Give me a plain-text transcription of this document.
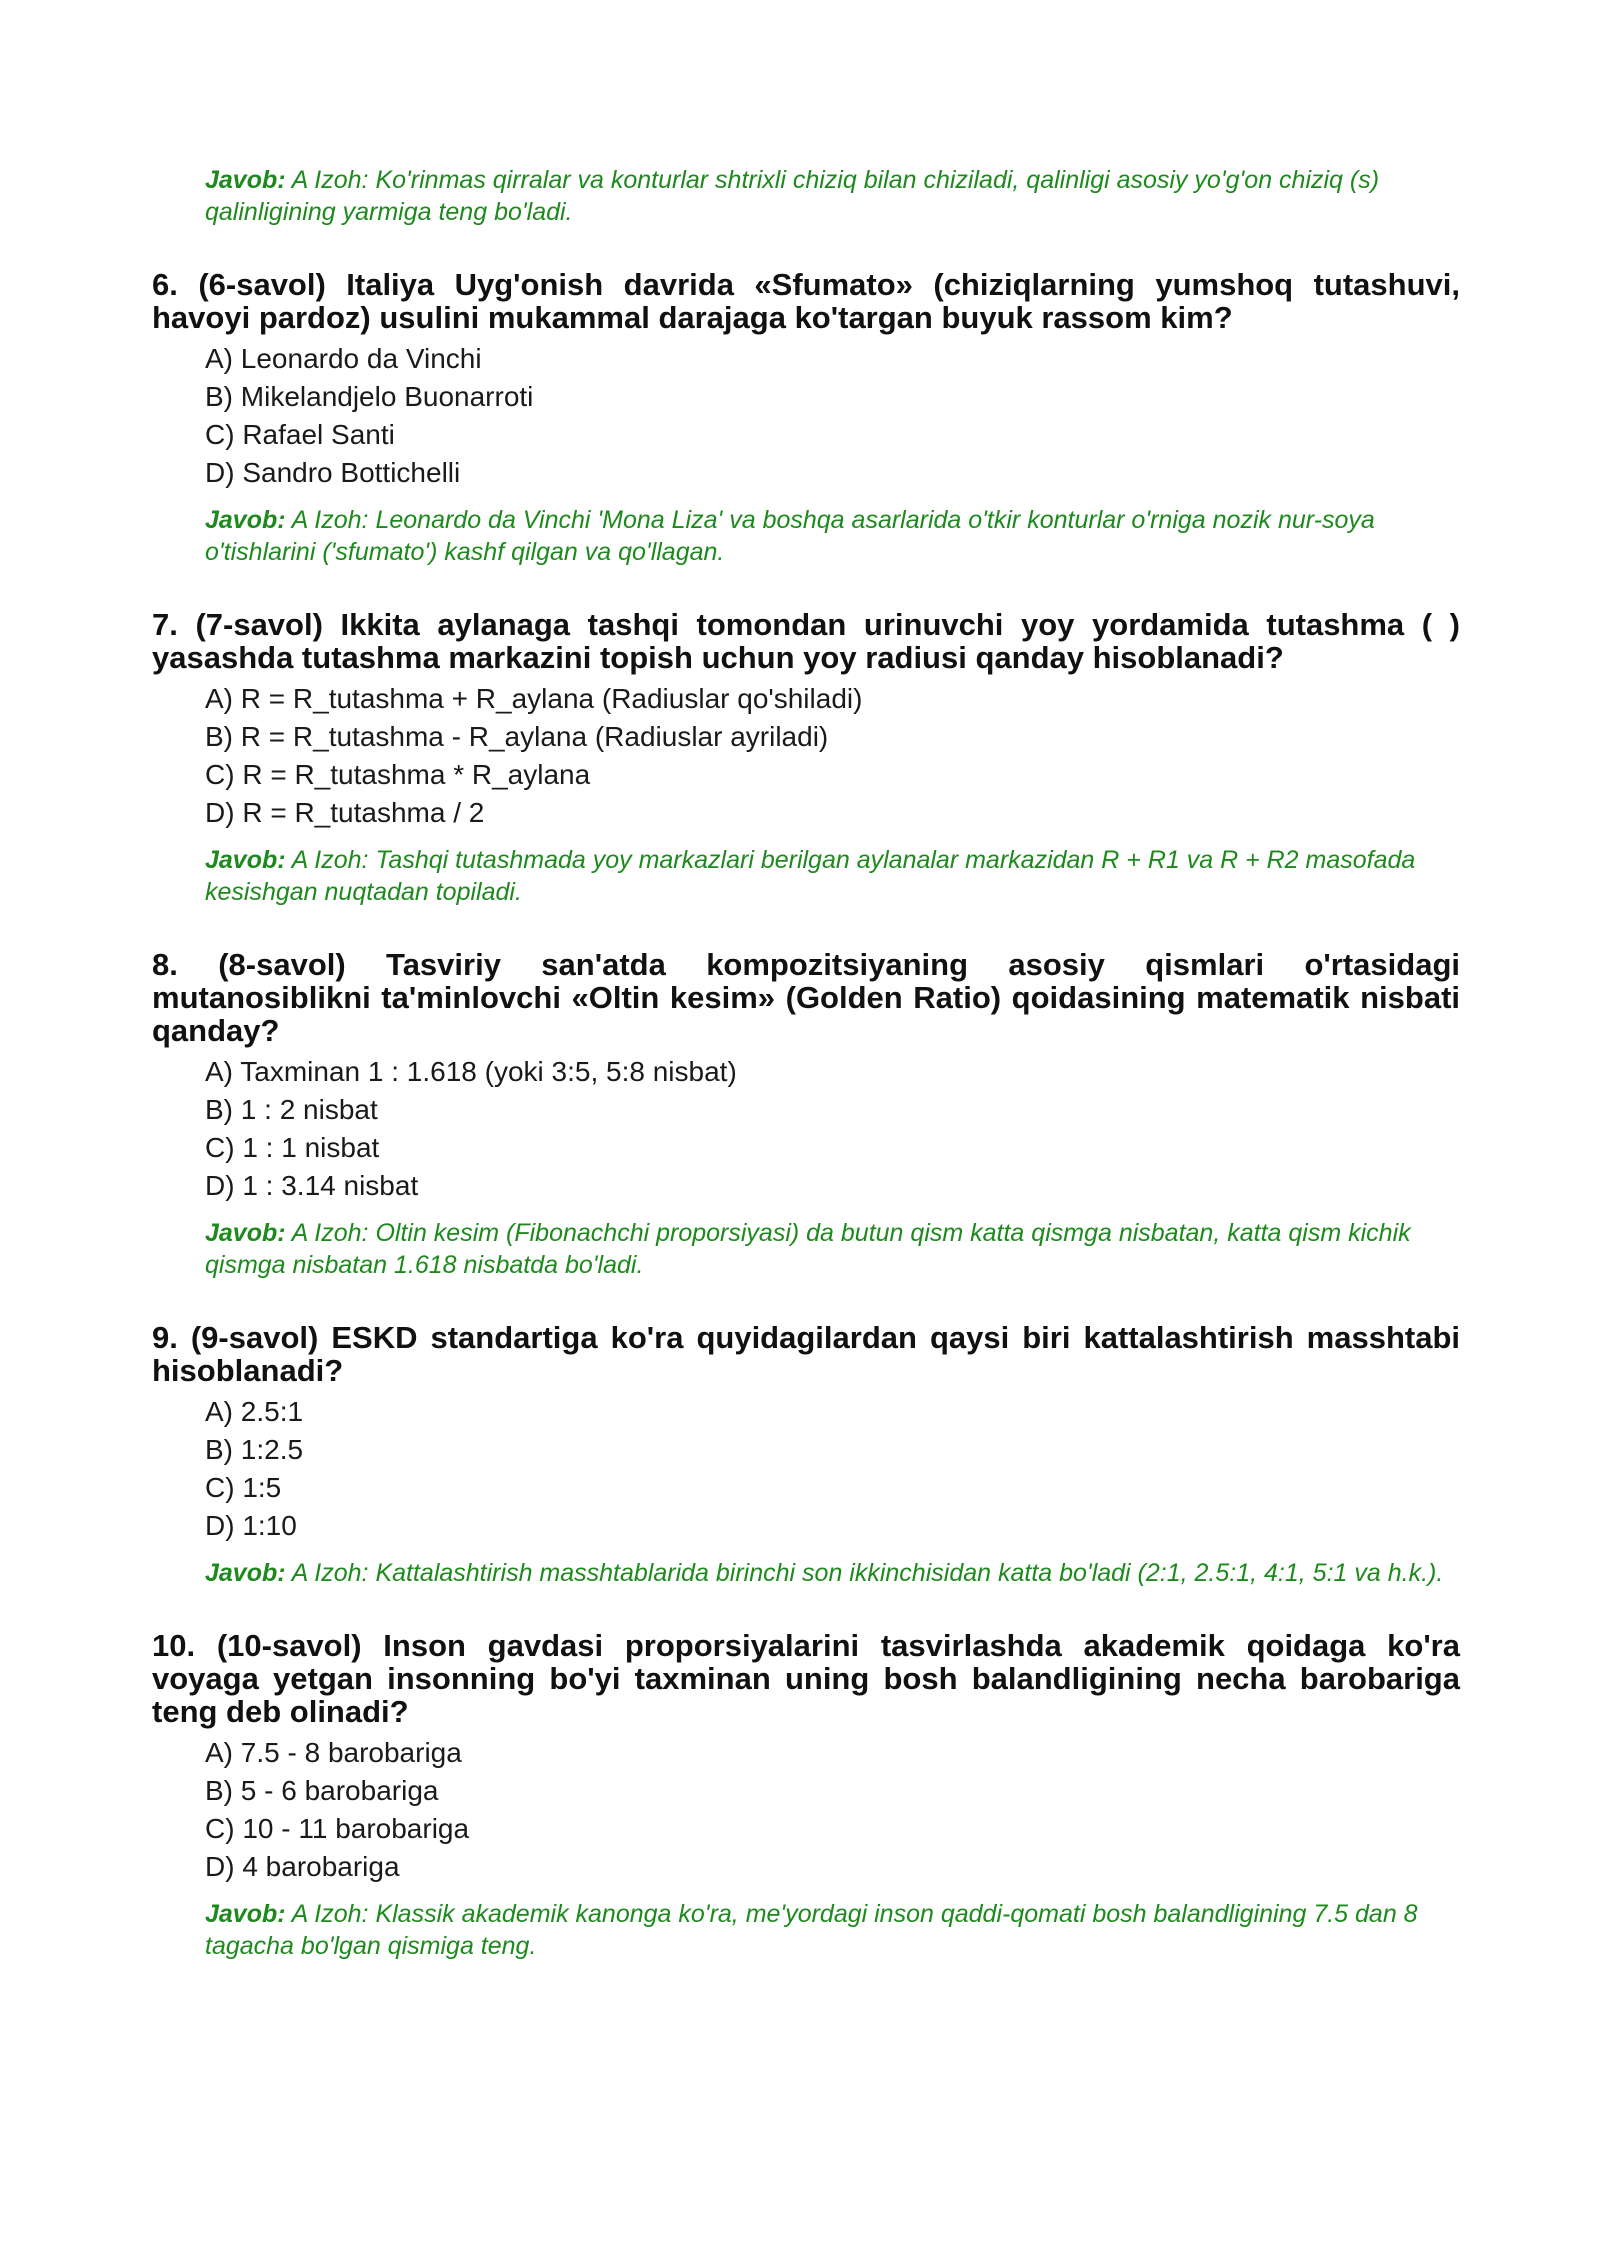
Javob: A Izoh: Ko'rinmas qirralar va konturlar shtrixli chiziq bilan chiziladi, qalinligi asosiy yo'g'on chiziq (s) qalinligining yarmiga teng bo'ladi.
6. (6-savol) Italiya Uyg'onish davrida «Sfumato» (chiziqlarning yumshoq tutashuvi, havoyi pardoz) usulini mukammal darajaga ko'targan buyuk rassom kim?
A) Leonardo da Vinchi
B) Mikelandjelo Buonarroti
C) Rafael Santi
D) Sandro Bottichelli
Javob: A Izoh: Leonardo da Vinchi 'Mona Liza' va boshqa asarlarida o'tkir konturlar o'rniga nozik nur-soya o'tishlarini ('sfumato') kashf qilgan va qo'llagan.
7. (7-savol) Ikkita aylanaga tashqi tomondan urinuvchi yoy yordamida tutashma ( ) yasashda tutashma markazini topish uchun yoy radiusi qanday hisoblanadi?
A) R = R_tutashma + R_aylana (Radiuslar qo'shiladi)
B) R = R_tutashma - R_aylana (Radiuslar ayriladi)
C) R = R_tutashma * R_aylana
D) R = R_tutashma / 2
Javob: A Izoh: Tashqi tutashmada yoy markazlari berilgan aylanalar markazidan R + R1 va R + R2 masofada kesishgan nuqtadan topiladi.
8. (8-savol) Tasviriy san'atda kompozitsiyaning asosiy qismlari o'rtasidagi mutanosiblikni ta'minlovchi «Oltin kesim» (Golden Ratio) qoidasining matematik nisbati qanday?
A) Taxminan 1 : 1.618 (yoki 3:5, 5:8 nisbat)
B) 1 : 2 nisbat
C) 1 : 1 nisbat
D) 1 : 3.14 nisbat
Javob: A Izoh: Oltin kesim (Fibonachchi proporsiyasi) da butun qism katta qismga nisbatan, katta qism kichik qismga nisbatan 1.618 nisbatda bo'ladi.
9. (9-savol) ESKD standartiga ko'ra quyidagilardan qaysi biri kattalashtirish masshtabi hisoblanadi?
A) 2.5:1
B) 1:2.5
C) 1:5
D) 1:10
Javob: A Izoh: Kattalashtirish masshtablarida birinchi son ikkinchisidan katta bo'ladi (2:1, 2.5:1, 4:1, 5:1 va h.k.).
10. (10-savol) Inson gavdasi proporsiyalarini tasvirlashda akademik qoidaga ko'ra voyaga yetgan insonning bo'yi taxminan uning bosh balandligining necha barobariga teng deb olinadi?
A) 7.5 - 8 barobariga
B) 5 - 6 barobariga
C) 10 - 11 barobariga
D) 4 barobariga
Javob: A Izoh: Klassik akademik kanonga ko'ra, me'yordagi inson qaddi-qomati bosh balandligining 7.5 dan 8 tagacha bo'lgan qismiga teng.
